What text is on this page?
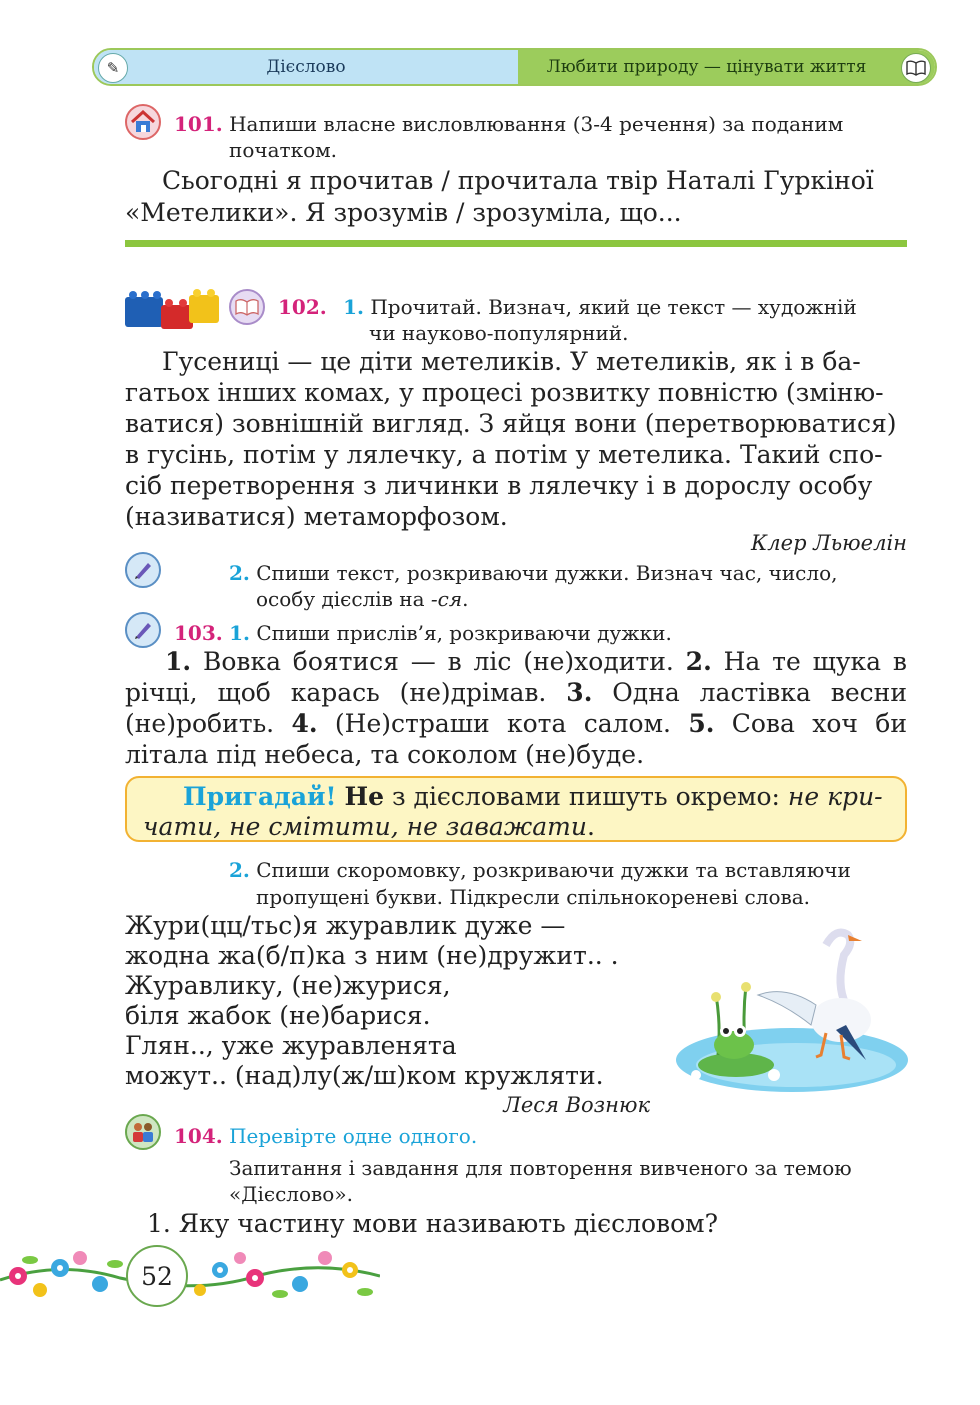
✎	Дієслово	Любити природу — цінувати життя
101. Напиши власне висловлювання (3-4 речення) за поданим
початком.
Сьогодні я прочитав / прочитала твір Наталі Гуркіної
«Метелики». Я зрозумів / зрозуміла, що...
102. 1. Прочитай. Визнач, який це текст — художній
чи науково-популярний.
Гусениці — це діти метеликів. У метеликів, як і в ба-
гатьох інших комах, у процесі розвитку повністю (зміню-
ватися) зовнішній вигляд. З яйця вони (перетворюватися)
в гусінь, потім у лялечку, а потім у метелика. Такий спо-
сіб перетворення з личинки в лялечку і в дорослу особу
(називатися) метаморфозом.
Клер Льюелін
2. Спиши текст, розкриваючи дужки. Визнач час, число,
особу дієслів на -ся.
103. 1. Спиши прислів’я, розкриваючи дужки.
1. Вовка боятися — в ліс (не)ходити. 2. На те щука в річці, щоб карась (не)дрімав. 3. Одна ластівка весни (не)робить. 4. (Не)страши кота салом. 5. Сова хоч би літала під небеса, та соколом (не)буде.
Пригадай! Не з дієсловами пишуть окремо: не кри-
чати, не смітити, не заважати.
2. Спиши скоромовку, розкриваючи дужки та вставляючи
пропущені букви. Підкресли спільнокореневі слова.
Жури(цц/тьс)я журавлик дуже —
жодна жа(б/п)ка з ним (не)дружит.. .
Журавлику, (не)журися,
біля жабок (не)барися.
Глян.., уже журавленята
можут.. (над)лу(ж/ш)ком кружляти.
Леся Вознюк
104. Перевірте одне одного.
Запитання і завдання для повторення вивченого за темою
«Дієслово».
1. Яку частину мови називають дієсловом?
52
